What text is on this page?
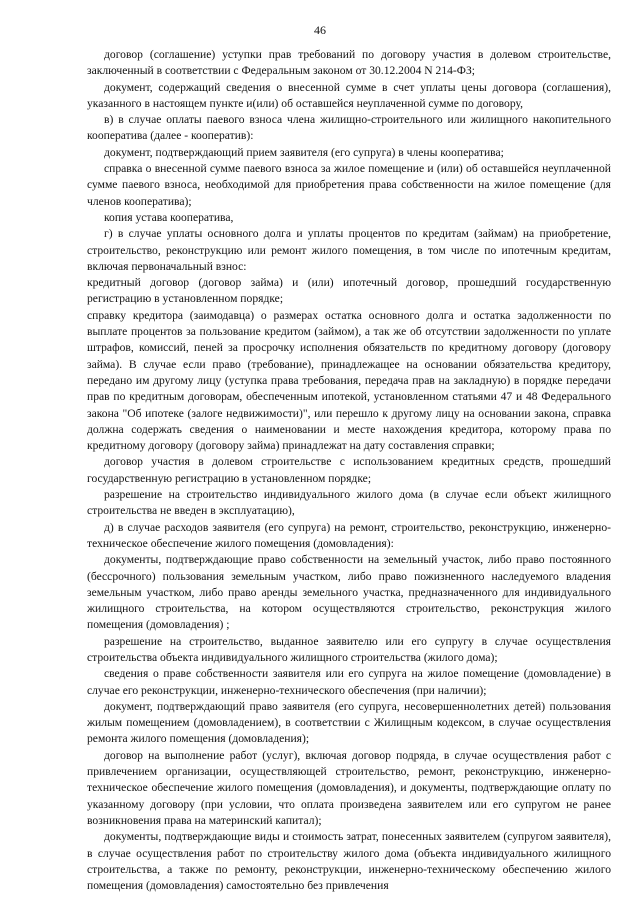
46

договор (соглашение) уступки прав требований по договору участия в долевом строительстве, заключенный в соответствии с Федеральным законом от 30.12.2004 N 214-ФЗ;

документ, содержащий сведения о внесенной сумме в счет уплаты цены договора (соглашения), указанного в настоящем пункте и(или) об оставшейся неуплаченной сумме по договору,

в) в случае оплаты паевого взноса члена жилищно-строительного или жилищного накопительного кооператива (далее - кооператив):

документ, подтверждающий прием заявителя (его супруга) в члены кооператива;

справка о внесенной сумме паевого взноса за жилое помещение и (или) об оставшейся неуплаченной сумме паевого взноса, необходимой для приобретения права собственности на жилое помещение (для членов кооператива);

копия устава кооператива,

г) в случае уплаты основного долга и уплаты процентов по кредитам (займам) на приобретение, строительство, реконструкцию или ремонт жилого помещения, в том числе по ипотечным кредитам, включая первоначальный взнос:

кредитный договор (договор займа) и (или) ипотечный договор, прошедший государственную регистрацию в установленном порядке;

справку кредитора (заимодавца) о размерах остатка основного долга и остатка задолженности по выплате процентов за пользование кредитом (займом), а так же об отсутствии задолженности по уплате штрафов, комиссий, пеней за просрочку исполнения обязательств по кредитному договору (договору займа). В случае если право (требование), принадлежащее на основании обязательства кредитору, передано им другому лицу (уступка права требования, передача прав на закладную) в порядке передачи прав по кредитным договорам, обеспеченным ипотекой, установленном статьями 47 и 48 Федерального закона "Об ипотеке (залоге недвижимости)", или перешло к другому лицу на основании закона, справка должна содержать сведения о наименовании и месте нахождения кредитора, которому права по кредитному договору (договору займа) принадлежат на дату составления справки;

договор участия в долевом строительстве с использованием кредитных средств, прошедший государственную регистрацию в установленном порядке;

разрешение на строительство индивидуального жилого дома (в случае если объект жилищного строительства не введен в эксплуатацию),

д) в случае расходов заявителя (его супруга) на ремонт, строительство, реконструкцию, инженерно-техническое обеспечение жилого помещения (домовладения):

документы, подтверждающие право собственности на земельный участок, либо право постоянного (бессрочного) пользования земельным участком, либо право пожизненного наследуемого владения земельным участком, либо право аренды земельного участка, предназначенного для индивидуального жилищного строительства, на котором осуществляются строительство, реконструкция жилого помещения (домовладения) ;

разрешение на строительство, выданное заявителю или его супругу в случае осуществления строительства объекта индивидуального жилищного строительства (жилого дома);

сведения о праве собственности заявителя или его супруга на жилое помещение (домовладение) в случае его реконструкции, инженерно-технического обеспечения (при наличии);

документ, подтверждающий право заявителя (его супруга, несовершеннолетних детей) пользования жилым помещением (домовладением), в соответствии с Жилищным кодексом, в случае осуществления ремонта жилого помещения (домовладения);

договор на выполнение работ (услуг), включая договор подряда, в случае осуществления работ с привлечением организации, осуществляющей строительство, ремонт, реконструкцию, инженерно-техническое обеспечение жилого помещения (домовладения), и документы, подтверждающие оплату по указанному договору (при условии, что оплата произведена заявителем или его супругом не ранее возникновения права на материнский капитал);

документы, подтверждающие виды и стоимость затрат, понесенных заявителем (супругом заявителя), в случае осуществления работ по строительству жилого дома (объекта индивидуального жилищного строительства, а также по ремонту, реконструкции, инженерно-техническому обеспечению жилого помещения (домовладения) самостоятельно без привлечения
